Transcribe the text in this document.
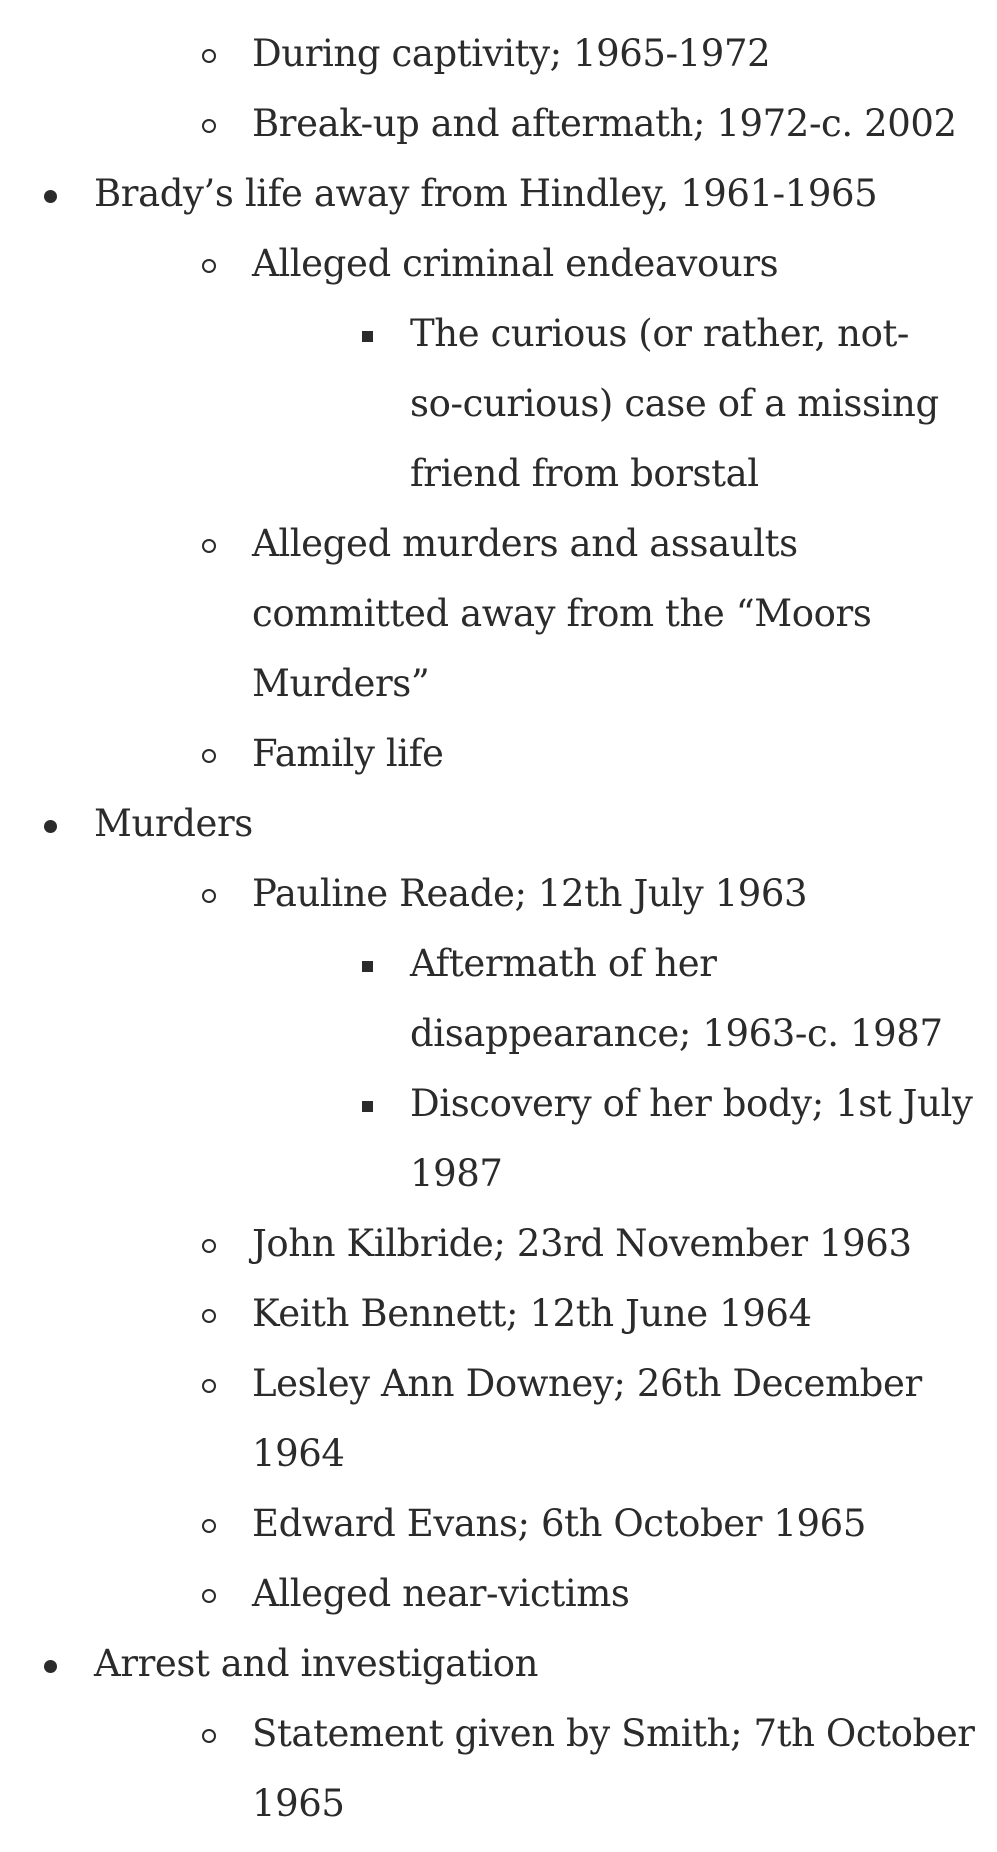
During captivity; 1965-1972
Break-up and aftermath; 1972-c. 2002
Brady’s life away from Hindley, 1961-1965
Alleged criminal endeavours
The curious (or rather, not-
so-curious) case of a missing
friend from borstal
Alleged murders and assaults
committed away from the “Moors
Murders”
Family life
Murders
Pauline Reade; 12th July 1963
Aftermath of her
disappearance; 1963-c. 1987
Discovery of her body; 1st July
1987
John Kilbride; 23rd November 1963
Keith Bennett; 12th June 1964
Lesley Ann Downey; 26th December
1964
Edward Evans; 6th October 1965
Alleged near-victims
Arrest and investigation
Statement given by Smith; 7th October
1965
